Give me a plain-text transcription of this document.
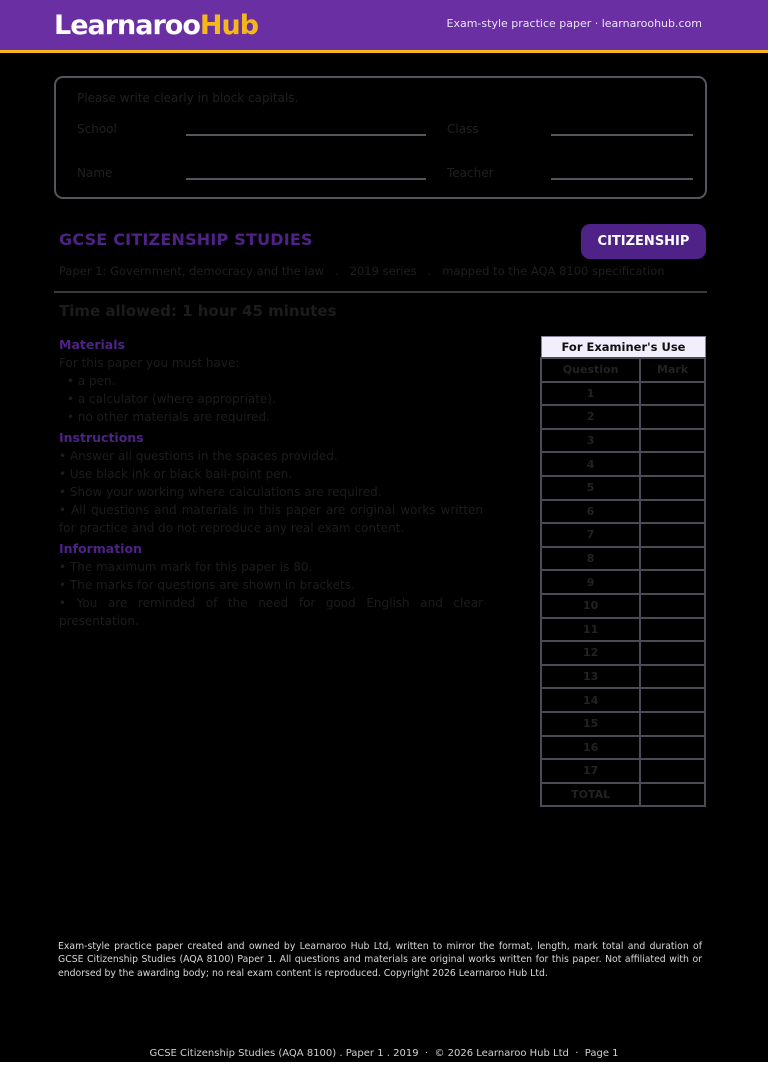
LearnarooHub	Exam-style practice paper · learnaroohub.com
Please write clearly in block capitals.
School	Class
Name	Teacher
GCSE CITIZENSHIP STUDIES	CITIZENSHIP
Paper 1: Government, democracy and the law   .   2019 series   .   mapped to the AQA 8100 specification
Time allowed: 1 hour 45 minutes
Materials

For this paper you must have:

• a pen.

• a calculator (where appropriate).

• no other materials are required.

Instructions

• Answer all questions in the spaces provided.

• Use black ink or black ball-point pen.

• Show your working where calculations are required.

• All questions and materials in this paper are original works written for practice and do not reproduce any real exam content.

Information

• The maximum mark for this paper is 80.

• The marks for questions are shown in brackets.

• You are reminded of the need for good English and clear presentation.

For Examiner's Use
Question	Mark
1	
2	
3	
4	
5	
6	
7	
8	
9	
10	
11	
12	
13	
14	
15	
16	
17	
TOTAL	
Exam-style practice paper created and owned by Learnaroo Hub Ltd, written to mirror the format, length, mark total and duration of GCSE Citizenship Studies (AQA 8100) Paper 1. All questions and materials are original works written for this paper. Not affiliated with or endorsed by the awarding body; no real exam content is reproduced. Copyright 2026 Learnaroo Hub Ltd.
GCSE Citizenship Studies (AQA 8100) . Paper 1 . 2019  ·  © 2026 Learnaroo Hub Ltd  ·  Page 1
